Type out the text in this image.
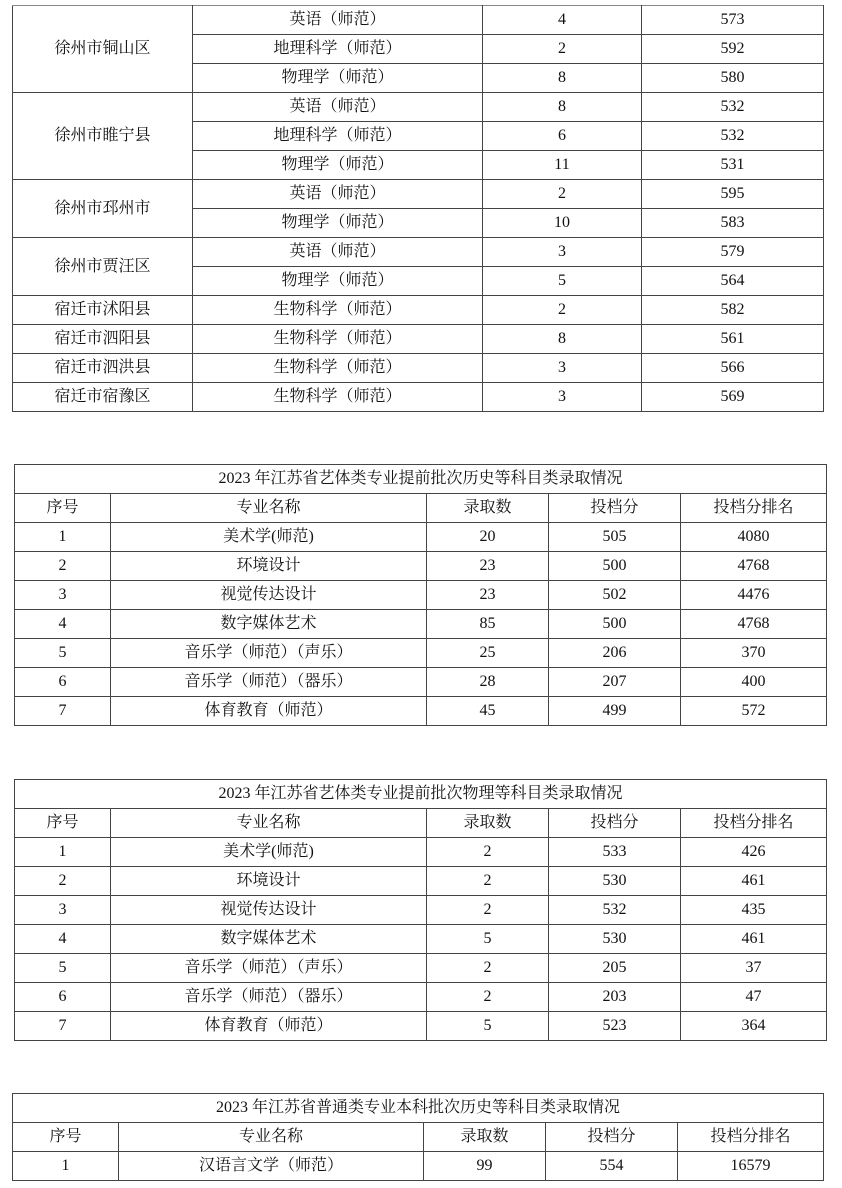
徐州市铜山区	英语（师范）	4	573
	地理科学（师范）	2	592
	物理学（师范）	8	580
徐州市睢宁县	英语（师范）	8	532
	地理科学（师范）	6	532
	物理学（师范）	11	531
徐州市邳州市	英语（师范）	2	595
	物理学（师范）	10	583
徐州市贾汪区	英语（师范）	3	579
	物理学（师范）	5	564
宿迁市沭阳县	生物科学（师范）	2	582
宿迁市泗阳县	生物科学（师范）	8	561
宿迁市泗洪县	生物科学（师范）	3	566
宿迁市宿豫区	生物科学（师范）	3	569
2023 年江苏省艺体类专业提前批次历史等科目类录取情况				
序号	专业名称	录取数	投档分	投档分排名
1	美术学(师范)	20	505	4080
2	环境设计	23	500	4768
3	视觉传达设计	23	502	4476
4	数字媒体艺术	85	500	4768
5	音乐学（师范）（声乐）	25	206	370
6	音乐学（师范）（器乐）	28	207	400
7	体育教育（师范）	45	499	572
2023 年江苏省艺体类专业提前批次物理等科目类录取情况				
序号	专业名称	录取数	投档分	投档分排名
1	美术学(师范)	2	533	426
2	环境设计	2	530	461
3	视觉传达设计	2	532	435
4	数字媒体艺术	5	530	461
5	音乐学（师范）（声乐）	2	205	37
6	音乐学（师范）（器乐）	2	203	47
7	体育教育（师范）	5	523	364
2023 年江苏省普通类专业本科批次历史等科目类录取情况				
序号	专业名称	录取数	投档分	投档分排名
1	汉语言文学（师范）	99	554	16579
